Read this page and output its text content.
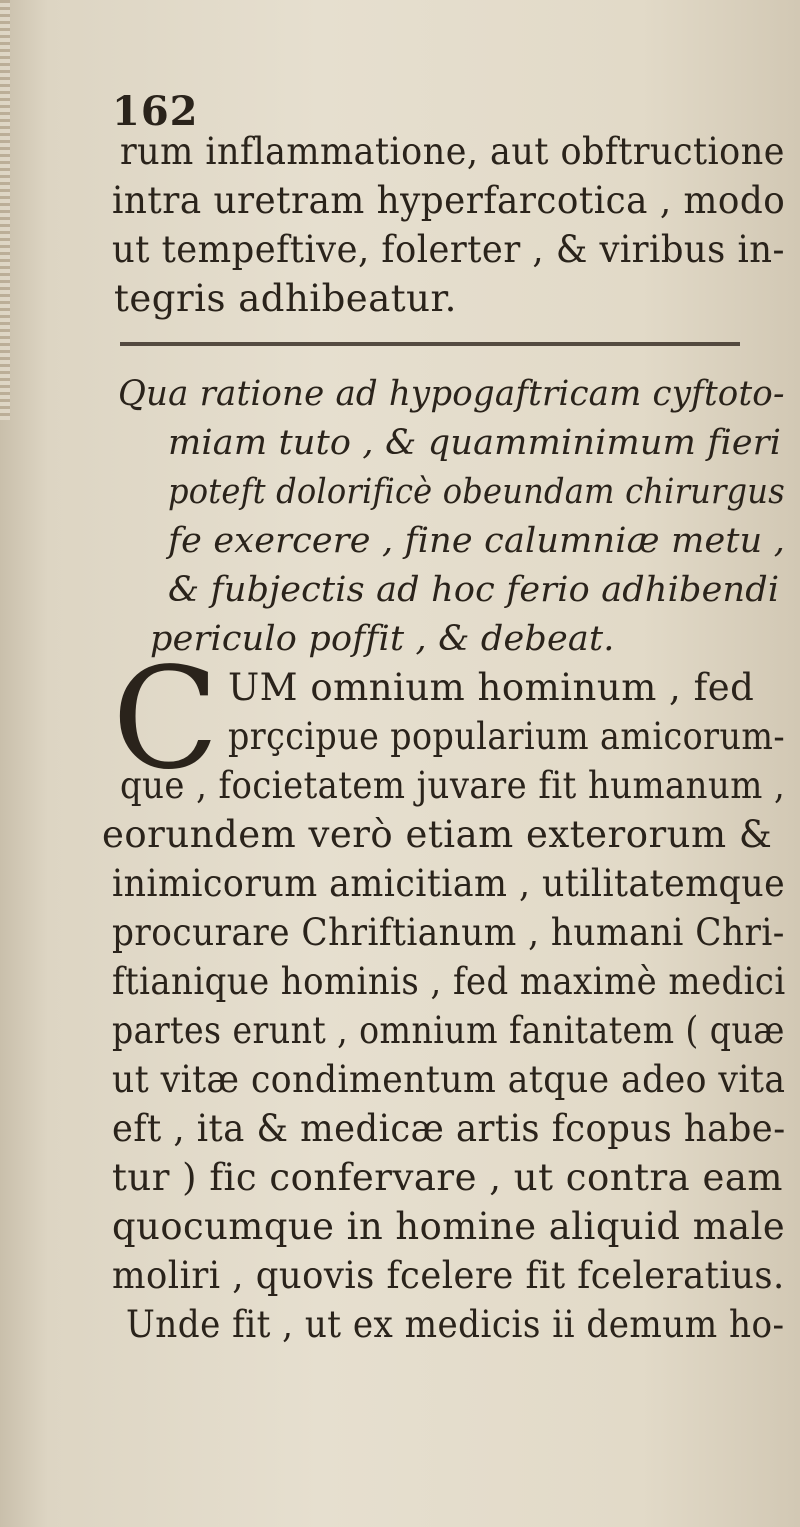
162
rum inflammatione, aut obftructione
intra uretram hyperfarcotica , modo
ut tempeftive, folerter , & viribus in-
tegris adhibeatur.
Qua ratione ad hypogaftricam cyftoto-
miam tuto , & quamminimum fieri
poteft dolorificè obeundam chirurgus
fe exercere , fine calumniæ metu ,
& fubjectis ad hoc ferio adhibendi
periculo poffit , & debeat.
C UM omnium hominum , fed
prçcipue popularium amicorum-
que , focietatem juvare fit humanum ,
eorundem verò etiam exterorum &
inimicorum amicitiam , utilitatemque
procurare Chriftianum , humani Chri-
ftianique hominis , fed maximè medici
partes erunt , omnium fanitatem ( quæ
ut vitæ condimentum atque adeo vita
eft , ita & medicæ artis fcopus habe-
tur ) fic confervare , ut contra eam
quocumque in homine aliquid male
moliri , quovis fcelere fit fceleratius.
Unde fit , ut ex medicis ii demum ho-
